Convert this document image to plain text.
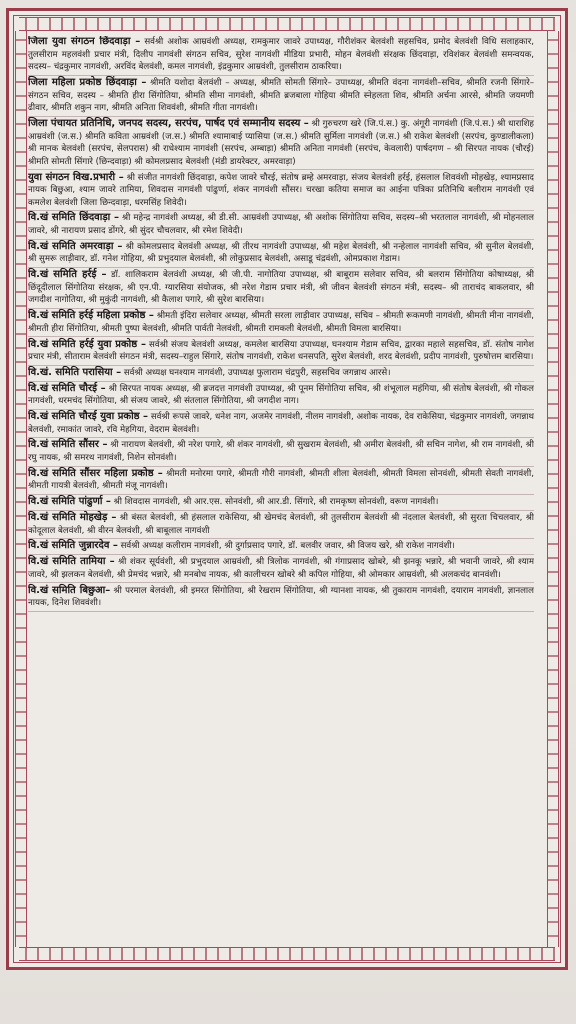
जिला युवा संगठन छिंदवाड़ा – सर्वश्री अशोक आम्रवंशी अध्यक्ष, रामकुमार जावरे उपाध्यक्ष, गौरीशंकर बेलवंशी सहसचिव, प्रमोद बेलवंशी विधि सलाहकार, तुलसीराम महलवंशी प्रचार मंत्री, दिलीप नागवंशी संगठन सचिव, सुरेश नागवंशी मीडिया प्रभारी, मोहन बेलवंशी संरक्षक छिंदवाड़ा, रविशंकर बेलवंशी समन्वयक, सदस्य– चंद्रकुमार नागवंशी, अरविंद बेलवंशी, कमल नागवंशी, इंद्रकुमार आम्रवंशी, तुलसीराम ठाकरिया।

जिला महिला प्रकोष्ठ छिंदवाड़ा – श्रीमति यशोदा बेलवंशी – अध्यक्ष, श्रीमति सोमती सिंगारे– उपाध्यक्ष, श्रीमति वंदना नागवंशी–सचिव, श्रीमति रजनी सिंगारे– संगठन सचिव, सदस्य – श्रीमति हीरा सिंगोतिया, श्रीमति सीमा नागवंशी, श्रीमति ब्रजबाला गोहिया श्रीमति स्नेहलता शिव, श्रीमति अर्चना आरसे, श्रीमति जयमणी ढीवार, श्रीमति शकुन नाग, श्रीमति अनिता शिववंशी, श्रीमति गीता नागवंशी।

जिला पंचायत प्रतिनिधि, जनपद सदस्य, सरपंच, पार्षद एवं सम्मानीय सदस्य – श्री गुरुचरण खरे (जि.पं.स.) कु. अंगूरी नागवंशी (जि.पं.स.) श्री धाराशिह आम्रवंशी (ज.स.) श्रीमति कविता आम्रवंशी (ज.स.) श्रीमति श्यामाबाई प्यासिया (ज.स.) श्रीमति सुर्मिला नागवंशी (ज.स.) श्री राकेश बेलवंशी (सरपंच, कुण्डालीकला) श्री मानक बेलवंशी (सरपंच, सेलपरास) श्री राधेश्याम नागवंशी (सरपंच, अम्बाड़ा) श्रीमति अनिता नागवंशी (सरपंच, केवलारी) पार्षदगण – श्री सिरपत नायक (चौरई) श्रीमति सोमती सिंगारे (छिन्दवाड़ा) श्री कोमलप्रसाद बेलवंशी (मंडी डायरेक्टर, अमरवाड़ा)

युवा संगठन विख.प्रभारी – श्री संजीत नागवंशी छिंदवाड़ा, कपेश जावरे चौरई, संतोष ब्रम्हे अमरवाड़ा, संजय बेलवंशी हर्रई, हंसलाल शिववंशी मोहखेड़, श्यामप्रसाद नायक बिछुआ, श्याम जावरे तामिया, शिवदास नागवंशी पांढुर्णा, शंकर नागवंशी सौंसर। चरखा कतिया समाज का आईना पत्रिका प्रतिनिधि बलीराम नागवंशी एवं कमलेश बेलवंशी जिला छिन्दवाड़ा, धरमसिंह शिवेदी।

वि.खं समिति छिंदवाड़ा – श्री महेन्द्र नागवंशी अध्यक्ष, श्री डी.सी. आम्रवंशी उपाध्यक्ष, श्री अशोक सिंगोतिया सचिव, सदस्य–श्री भरतलाल नागवंशी, श्री मोहनलाल जावरे, श्री नारायण प्रसाद डोंगरे, श्री सुंदर चौचलवार, श्री रमेश शिवेदी।

वि.खं समिति अमरवाड़ा – श्री कोमलप्रसाद बेलवंशी अध्यक्ष, श्री तीरथ नागवंशी उपाध्यक्ष, श्री महेश बेलवंशी, श्री नन्हेलाल नागवंशी सचिव, श्री सुनील बेलवंशी, श्री सुमरू लाड़ीवार, डॉ. गनेश गोहिया, श्री प्रभुदयाल बेलवंशी, श्री लोकुप्रसाद बेलवंशी, असाडू चंद्रवंशी, ओमप्रकाश गेडाम।

वि.खं समिति हर्रई – डॉ. शालिकराम बेलवंशी अध्यक्ष, श्री जी.पी. नागोतिया उपाध्यक्ष, श्री बाबूराम सलेवार सचिव, श्री बलराम सिंगोतिया कोषाध्यक्ष, श्री छिंदूदीलाल सिंगोतिया संरक्षक, श्री एन.पी. ग्यारसिया संयोजक, श्री नरेश गेडाम प्रचार मंत्री, श्री जीवन बेलवंशी संगठन मंत्री, सदस्य– श्री ताराचंद बाकलवार, श्री जगदीश नागोतिया, श्री मुकुंदी नागवंशी, श्री कैलाश पगारे, श्री सुरेश बारसिया।

वि.खं समिति हर्रई महिला प्रकोष्ठ – श्रीमती इंदिरा सलेवार अध्यक्ष, श्रीमती सरला लाड़ीवार उपाध्यक्ष, सचिव – श्रीमती रूकमणी नागवंशी, श्रीमती मीना नागवंशी, श्रीमती हीरा सिंगोतिया, श्रीमती पुष्पा बेलवंशी, श्रीमति पार्वती नेलवंशी, श्रीमती रामकली बेलवंशी, श्रीमती विमला बारसिया।

वि.खं समिति हर्रई युवा प्रकोष्ठ – सर्वश्री संजय बेलवंशी अध्यक्ष, कमलेश बारसिया उपाध्यक्ष, घनश्याम गेडाम सचिव, द्वारका महाले सहसचिव, डॉ. संतोष नागेश प्रचार मंत्री, सीताराम बेलवंशी संगठन मंत्री, सदस्य–राहुल सिंगारे, संतोष नागवंशी, राकेश धनसपति, सुरेश बेलवंशी, शरद बेलवंशी, प्रदीप नागवंशी, पुरुषोत्तम बारसिया।

वि.खं. समिति परासिया – सर्वश्री अध्यक्ष घनश्याम नागवंशी, उपाध्यक्ष फुलाराम चंद्रपुरी, सहसचिव जगन्नाथ आरसे।

वि.खं समिति चौरई – श्री सिरपत नायक अध्यक्ष, श्री ब्रजदत्त नागवंशी उपाध्यक्ष, श्री पूनम सिंगोतिया सचिव, श्री शंभूलाल महंगिया, श्री संतोष बेलवंशी, श्री गोकल नागवंशी, धरमचंद सिंगोतिया, श्री संजय जावरे, श्री संतलाल सिंगोतिया, श्री जगदीश नाग।

वि.खं समिति चौरई युवा प्रकोष्ठ – सर्वश्री रूपसे जावरे, धनेश नाग, अजमेर नागवंशी, नीलम नागवंशी, अशोक नायक, देव राकेसिया, चंद्रकुमार नागवंशी, जगन्नाथ बेलवंशी, रमाकांत जावरे, रवि मेहगिया, वेदराम बेलवंशी।

वि.खं समिति सौंसर – श्री नारायण बेलवंशी, श्री नरेश पगारे, श्री शंकर नागवंशी, श्री सुखराम बेलवंशी, श्री अमीरा बेलवंशी, श्री सचिन नागेश, श्री राम नागवंशी, श्री रघु नायक, श्री समरथ नागवंशी, निशेन सोनवंशी।

वि.खं समिति सौंसर महिला प्रकोष्ठ – श्रीमती मनोरमा पगारे, श्रीमती गौरी नागवंशी, श्रीमती शीला बेलवंशी, श्रीमती विमला सोनवंशी, श्रीमती सेवती नागवंशी, श्रीमती गायत्री बेलवंशी, श्रीमती मंजू नागवंशी।

वि.खं समिति पांढुर्णा – श्री शिवदास नागवंशी, श्री आर.एस. सोनवंशी, श्री आर.डी. सिंगारे, श्री रामकृष्ण सोनवंशी, वरूण नागवंशी।

वि.खं समिति मोहखेड़ – श्री बंसत बेलवंशी, श्री हंसलाल राकेसिया, श्री खेमचंद बेलवंशी, श्री तुलसीराम बेलवंशी श्री नंदलाल बेलवंशी, श्री सुरता चिचलवार, श्री कोदूलाल बेलवंशी, श्री वीरन बेलवंशी, श्री बाबूलाल नागवंशी

वि.खं समिति जुन्नारदेव – सर्वश्री अध्यक्ष कलीराम नागवंशी, श्री दुर्गाप्रसाद पगारे, डॉ. बलवीर जवार, श्री विजय खरे, श्री राकेश नागवंशी।

वि.खं समिति तामिया – श्री शंकर सूर्यवंशी, श्री प्रभुदयाल आम्रवंशी, श्री त्रिलोक नागवंशी, श्री गंगाप्रसाद खोबरे, श्री झनकू भन्नारे, श्री भवानी जावरे, श्री श्याम जावरे, श्री झलकन बेलवंशी, श्री प्रेमचंद भन्नारे, श्री मनबोध नायक, श्री कालीचरन खोबरे श्री कपिल गोहिया, श्री ओमकार आम्रवंशी, श्री अलकचंद बानवंशी।

वि.खं समिति बिछुआ– श्री परमाल बेलवंशी, श्री इमरत सिंगोतिया, श्री रेखराम सिंगोतिया, श्री ग्यानशा नायक, श्री तुकाराम नागवंशी, दयाराम नागवंशी, ज्ञानलाल नायक, दिनेश शिववंशी।
